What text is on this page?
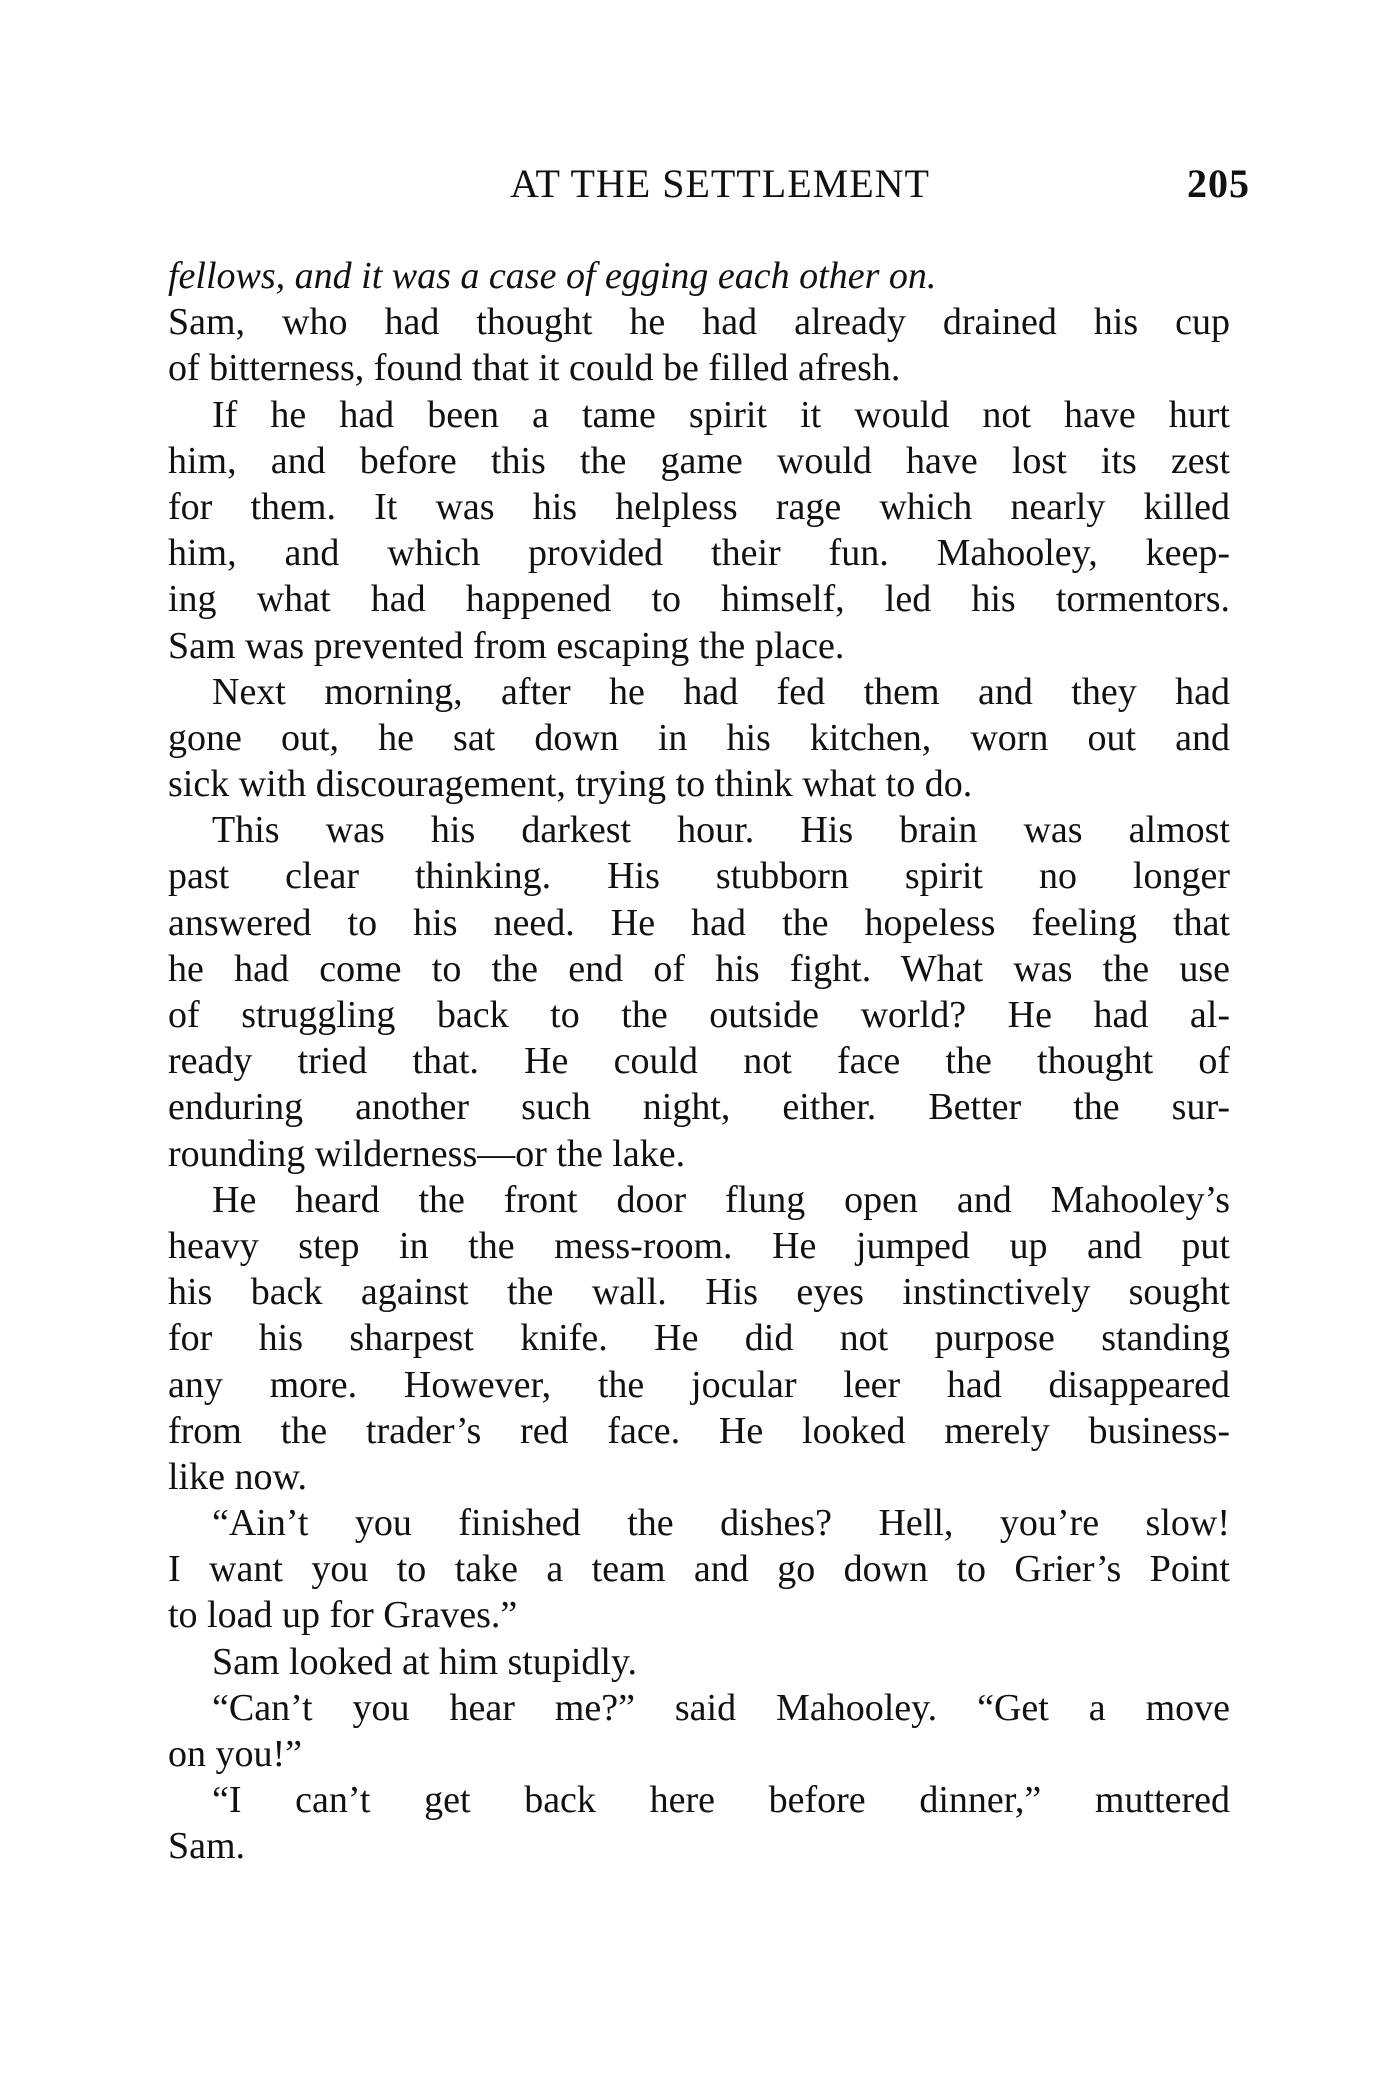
AT THE SETTLEMENT	205
fellows, and it was a case of egging each other on.
Sam, who had thought he had already drained his cup
of bitterness, found that it could be filled afresh.
If he had been a tame spirit it would not have hurt
him, and before this the game would have lost its zest
for them. It was his helpless rage which nearly killed
him, and which provided their fun. Mahooley, keep-
ing what had happened to himself, led his tormentors.
Sam was prevented from escaping the place.
Next morning, after he had fed them and they had
gone out, he sat down in his kitchen, worn out and
sick with discouragement, trying to think what to do.
This was his darkest hour. His brain was almost
past clear thinking. His stubborn spirit no longer
answered to his need. He had the hopeless feeling that
he had come to the end of his fight. What was the use
of struggling back to the outside world? He had al-
ready tried that. He could not face the thought of
enduring another such night, either. Better the sur-
rounding wilderness—or the lake.
He heard the front door flung open and Mahooley’s
heavy step in the mess-room. He jumped up and put
his back against the wall. His eyes instinctively sought
for his sharpest knife. He did not purpose standing
any more. However, the jocular leer had disappeared
from the trader’s red face. He looked merely business-
like now.
“Ain’t you finished the dishes? Hell, you’re slow!
I want you to take a team and go down to Grier’s Point
to load up for Graves.”
Sam looked at him stupidly.
“Can’t you hear me?” said Mahooley. “Get a move
on you!”
“I can’t get back here before dinner,” muttered
Sam.
